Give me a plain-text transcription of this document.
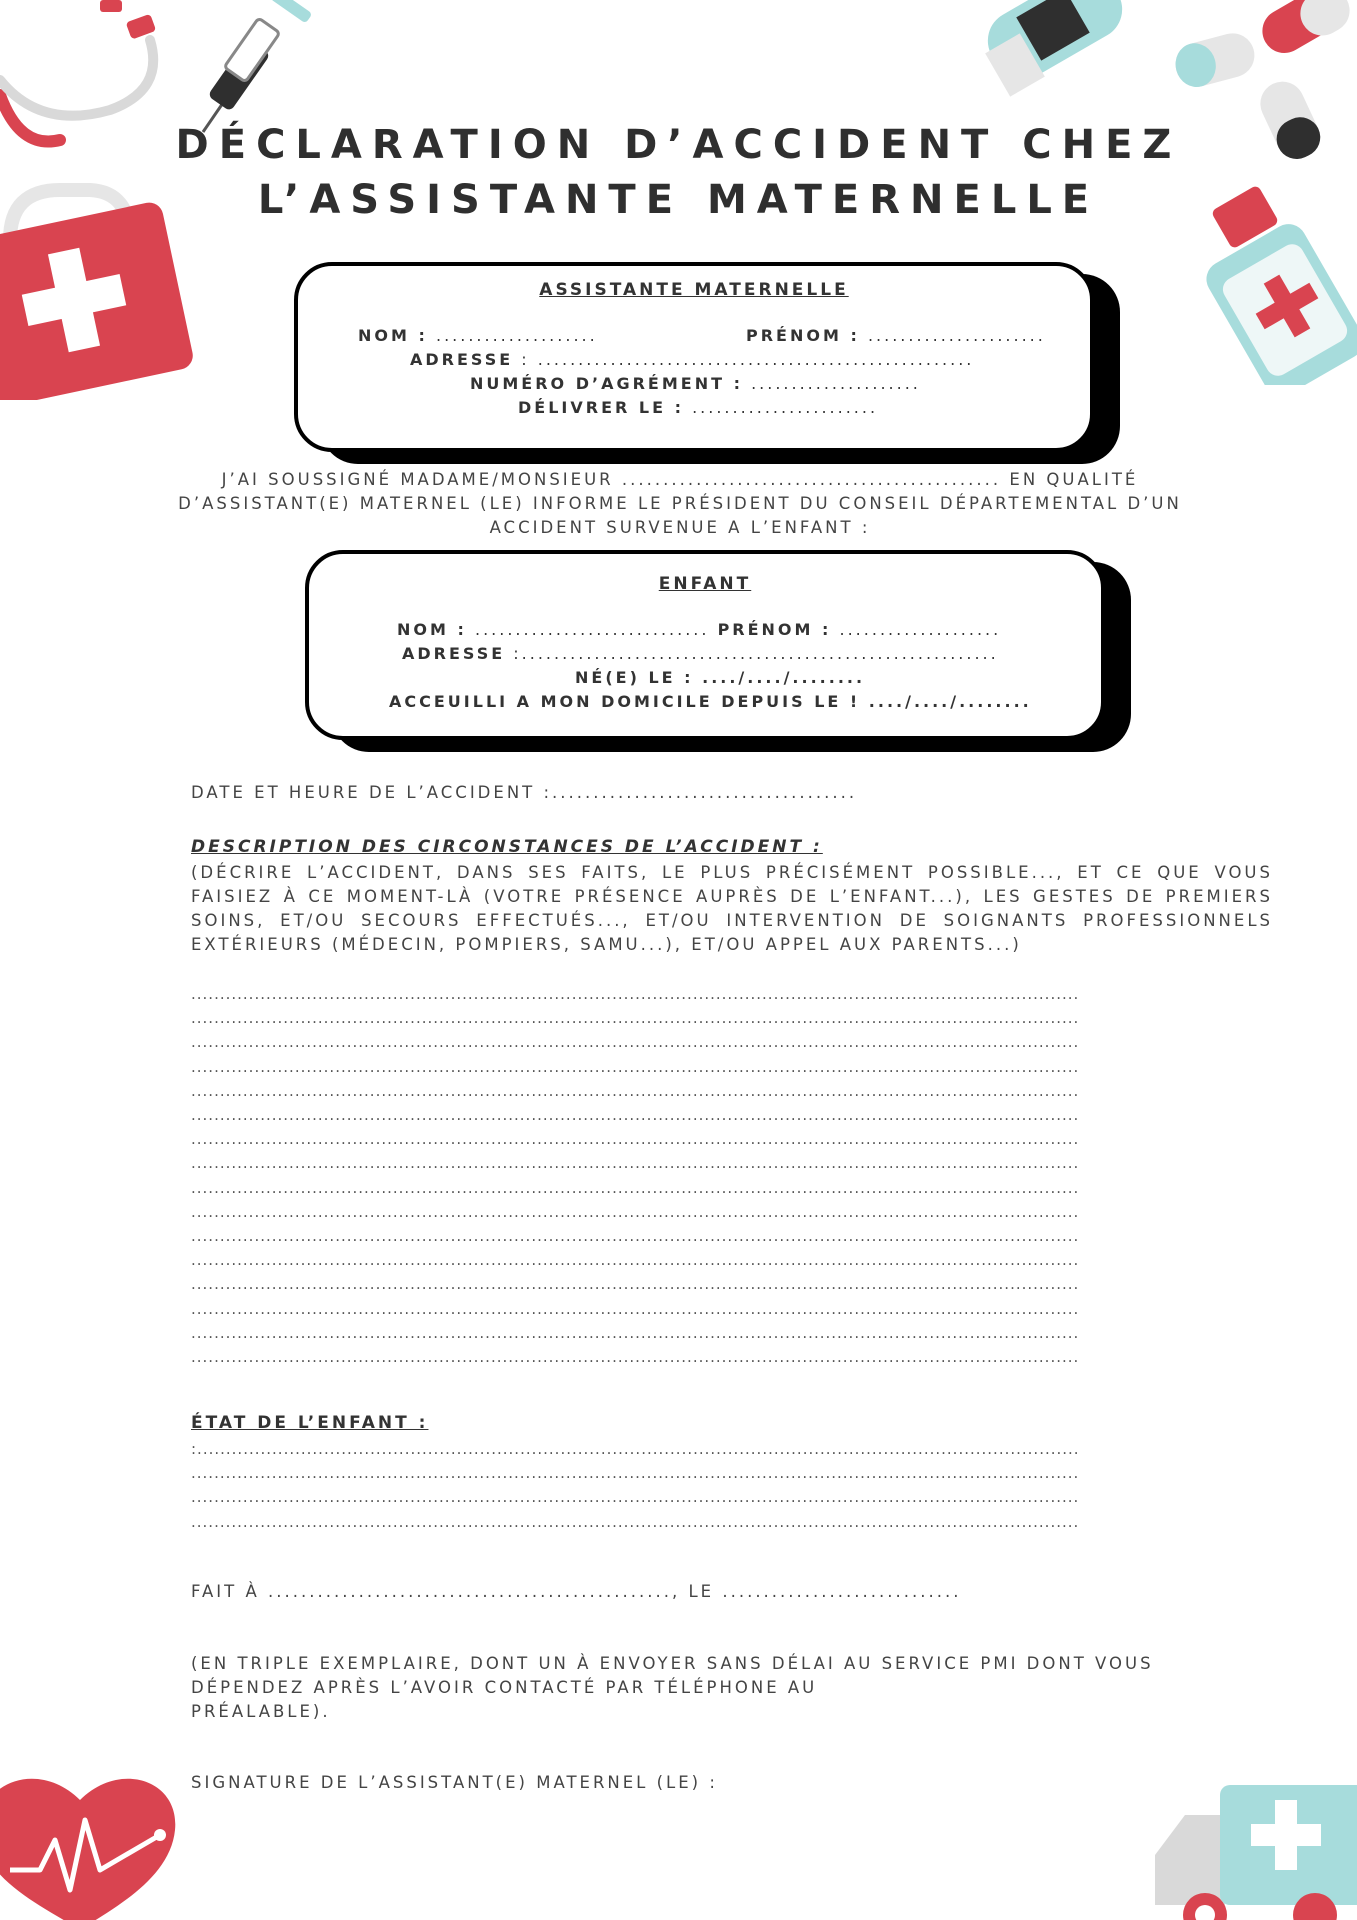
DÉCLARATION D’ACCIDENT CHEZ
L’ASSISTANTE MATERNELLE
ASSISTANTE MATERNELLE
NOM : ....................	PRÉNOM : ......................
ADRESSE : ......................................................
NUMÉRO D’AGRÉMENT : .....................
DÉLIVRER LE : .......................
J’AI SOUSSIGNÉ MADAME/MONSIEUR .............................................. EN QUALITÉ
D’ASSISTANT(E) MATERNEL (LE) INFORME LE PRÉSIDENT DU CONSEIL DÉPARTEMENTAL D’UN
ACCIDENT SURVENUE A L’ENFANT :
ENFANT
NOM : ............................. PRÉNOM : ....................
ADRESSE :...........................................................
NÉ(E) LE : ..../..../........
ACCEUILLI A MON DOMICILE DEPUIS LE ! ..../..../........
DATE ET HEURE DE L’ACCIDENT :.....................................
DESCRIPTION DES CIRCONSTANCES DE L’ACCIDENT :
(DÉCRIRE L’ACCIDENT, DANS SES FAITS, LE PLUS PRÉCISÉMENT POSSIBLE..., ET CE QUE VOUS FAISIEZ À CE MOMENT-LÀ (VOTRE PRÉSENCE AUPRÈS DE L’ENFANT...), LES GESTES DE PREMIERS SOINS, ET/OU SECOURS EFFECTUÉS..., ET/OU INTERVENTION DE SOIGNANTS PROFESSIONNELS EXTÉRIEURS (MÉDECIN, POMPIERS, SAMU...), ET/OU APPEL AUX PARENTS...)
..........................................................................................................................................................
..........................................................................................................................................................
..........................................................................................................................................................
..........................................................................................................................................................
..........................................................................................................................................................
..........................................................................................................................................................
..........................................................................................................................................................
..........................................................................................................................................................
..........................................................................................................................................................
..........................................................................................................................................................
..........................................................................................................................................................
..........................................................................................................................................................
..........................................................................................................................................................
..........................................................................................................................................................
..........................................................................................................................................................
..........................................................................................................................................................
ÉTAT DE L’ENFANT :
:.........................................................................................................................................................
..........................................................................................................................................................
..........................................................................................................................................................
..........................................................................................................................................................
FAIT À ................................................., LE .............................
(EN TRIPLE EXEMPLAIRE, DONT UN À ENVOYER SANS DÉLAI AU SERVICE PMI DONT VOUS
DÉPENDEZ APRÈS L’AVOIR CONTACTÉ PAR TÉLÉPHONE AU
PRÉALABLE).
SIGNATURE DE L’ASSISTANT(E) MATERNEL (LE) :
